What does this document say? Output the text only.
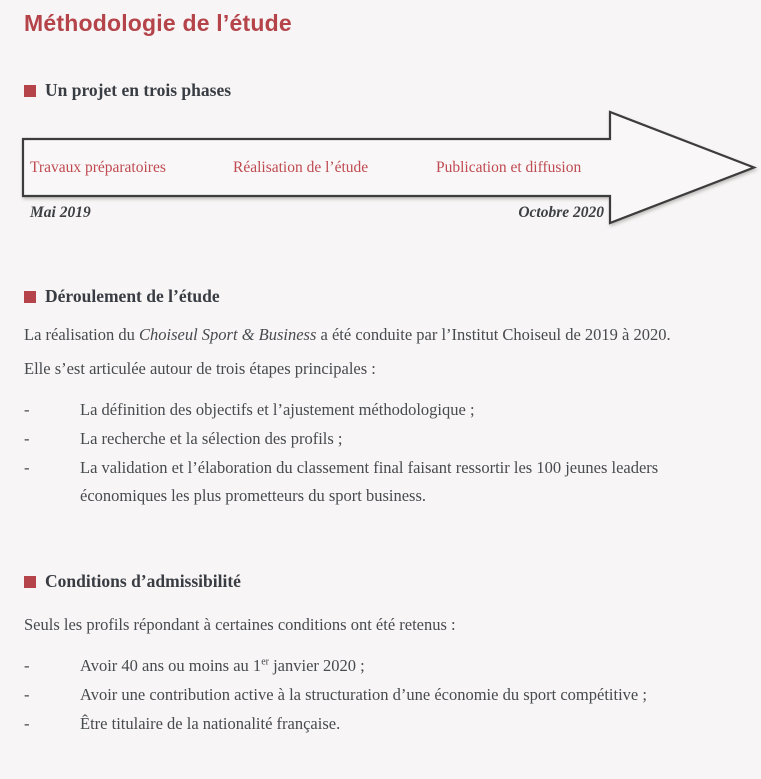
Méthodologie de l’étude
Un projet en trois phases
Travaux préparatoires	Réalisation de l’étude	Publication et diffusion
Mai 2019	Octobre 2020
Déroulement de l’étude

La réalisation du Choiseul Sport & Business a été conduite par l’Institut Choiseul de 2019 à 2020.

Elle s’est articulée autour de trois étapes principales :

-	La définition des objectifs et l’ajustement méthodologique ;
-	La recherche et la sélection des profils ;
-	La validation et l’élaboration du classement final faisant ressortir les 100 jeunes leaders économiques les plus prometteurs du sport business.
Conditions d’admissibilité

Seuls les profils répondant à certaines conditions ont été retenus :

-	Avoir 40 ans ou moins au 1er janvier 2020 ;
-	Avoir une contribution active à la structuration d’une économie du sport compétitive ;
-	Être titulaire de la nationalité française.
